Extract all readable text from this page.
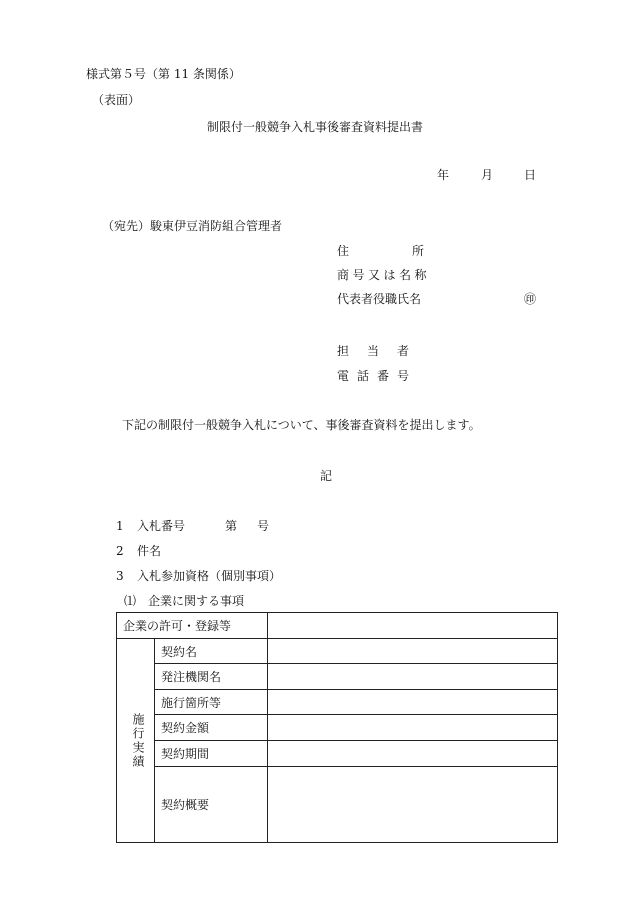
様式第５号（第 11 条関係）
（表面）
制限付一般競争入札事後審査資料提出書
年	月	日
（宛先）駿東伊豆消防組合管理者
住	所
商号又は名称
代表者役職氏名	㊞
担当者
電話番号
下記の制限付一般競争入札について、事後審査資料を提出します。
記
1 入札番号	第　号
2 件名
3 入札参加資格（個別事項）
⑴　企業に関する事項
企業の許可・登録等		

施行実績	契約名	
	発注機関名	
	施行箇所等	
	契約金額	
	契約期間	
	契約概要	
